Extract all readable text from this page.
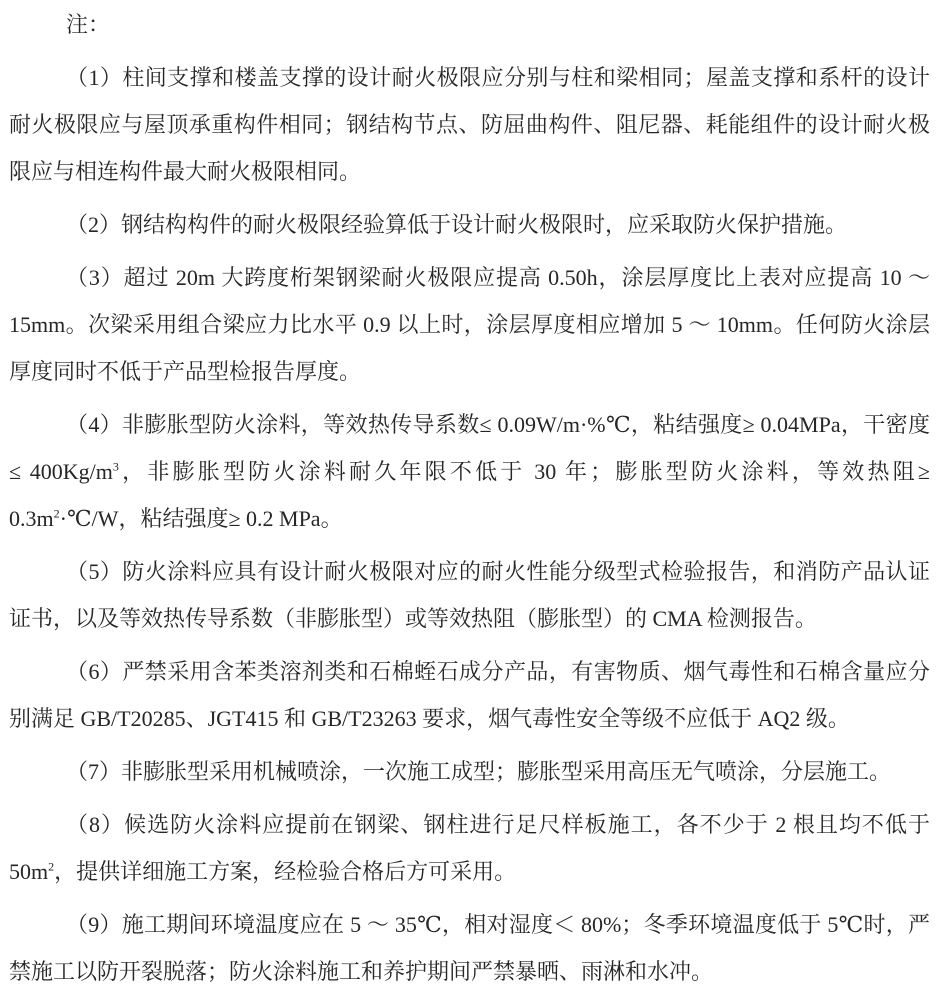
注：

（1）柱间支撑和楼盖支撑的设计耐火极限应分别与柱和梁相同；屋盖支撑和系杆的设计耐火极限应与屋顶承重构件相同；钢结构节点、防屈曲构件、阻尼器、耗能组件的设计耐火极限应与相连构件最大耐火极限相同。

（2）钢结构构件的耐火极限经验算低于设计耐火极限时，应采取防火保护措施。

（3）超过 20m 大跨度桁架钢梁耐火极限应提高 0.50h，涂层厚度比上表对应提高 10 ～ 15mm。次梁采用组合梁应力比水平 0.9 以上时，涂层厚度相应增加 5 ～ 10mm。任何防火涂层厚度同时不低于产品型检报告厚度。

（4）非膨胀型防火涂料，等效热传导系数≤ 0.09W/m·%℃，粘结强度≥ 0.04MPa，干密度≤ $400Kg/m^3$，非膨胀型防火涂料耐久年限不低于 30 年；膨胀型防火涂料，等效热阻≥ $0.3m^2\cdot℃/W$，粘结强度≥ 0.2 MPa。

（5）防火涂料应具有设计耐火极限对应的耐火性能分级型式检验报告，和消防产品认证证书，以及等效热传导系数（非膨胀型）或等效热阻（膨胀型）的 CMA 检测报告。

（6）严禁采用含苯类溶剂类和石棉蛭石成分产品，有害物质、烟气毒性和石棉含量应分别满足 GB/T20285、JGT415 和 GB/T23263 要求，烟气毒性安全等级不应低于 AQ2 级。

（7）非膨胀型采用机械喷涂，一次施工成型；膨胀型采用高压无气喷涂，分层施工。

（8）候选防火涂料应提前在钢梁、钢柱进行足尺样板施工，各不少于 2 根且均不低于 $50m^2$，提供详细施工方案，经检验合格后方可采用。

（9）施工期间环境温度应在 5 ～ 35℃，相对湿度＜ 80%；冬季环境温度低于 5℃时，严禁施工以防开裂脱落；防火涂料施工和养护期间严禁暴晒、雨淋和水冲。
